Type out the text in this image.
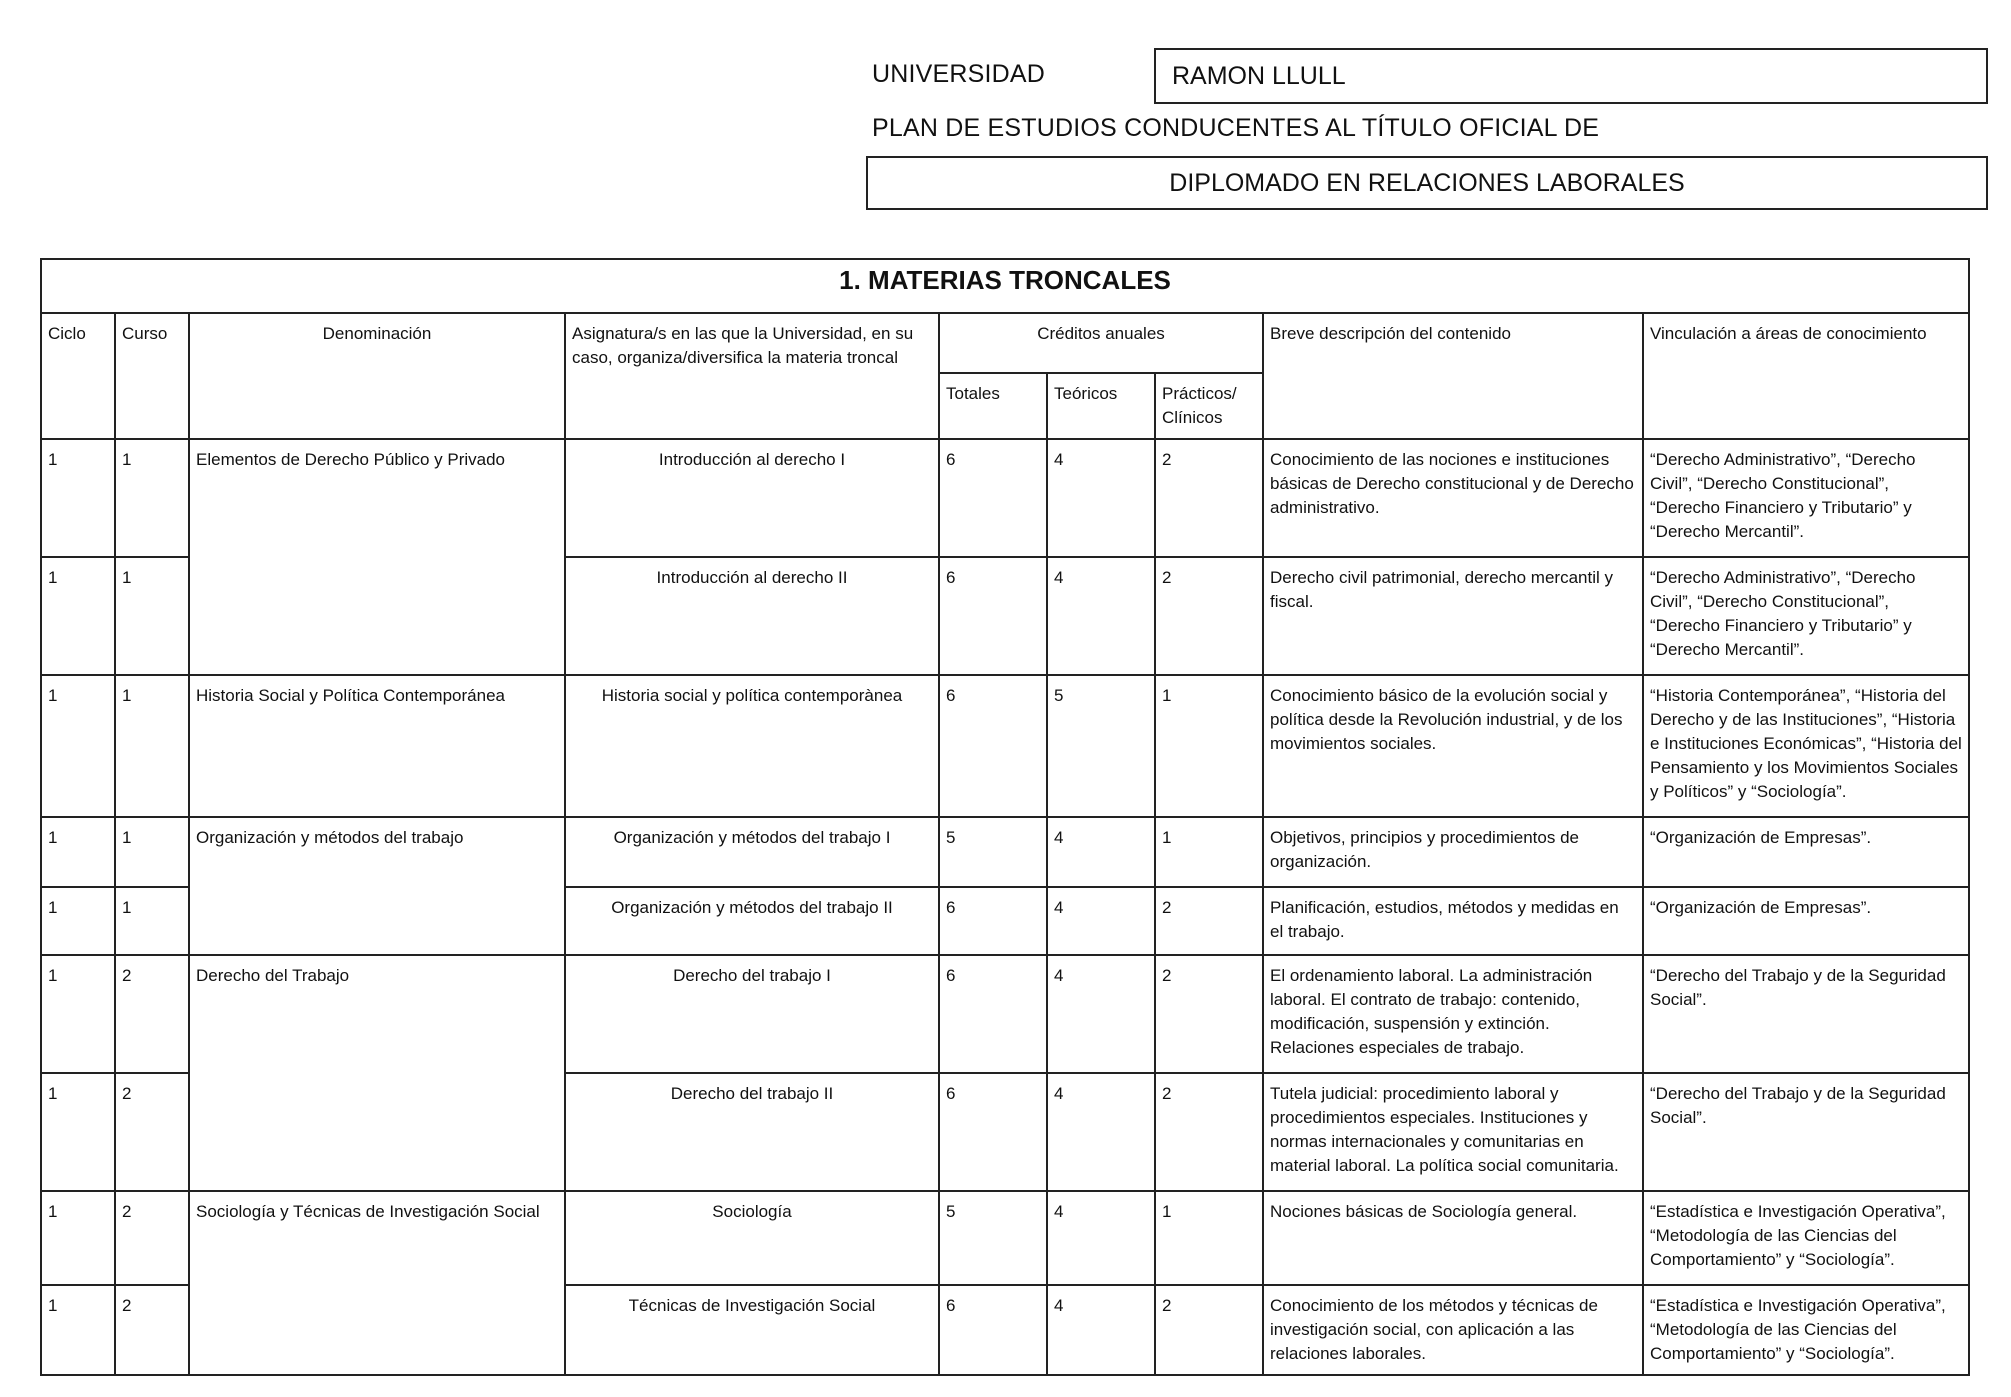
UNIVERSIDAD	RAMON LLULL
PLAN DE ESTUDIOS CONDUCENTES AL TÍTULO OFICIAL DE
DIPLOMADO EN RELACIONES LABORALES
1. MATERIAS TRONCALES								
Ciclo	Curso	Denominación	Asignatura/s en las que la Universidad, en su caso, organiza/diversifica la materia troncal	Créditos anuales			Breve descripción del contenido	Vinculación a áreas de conocimiento
				Totales	Teóricos	Prácticos/ Clínicos		
1	1	Elementos de Derecho Público y Privado	Introducción al derecho I	6	4	2	Conocimiento de las nociones e instituciones básicas de Derecho constitucional y de Derecho administrativo.	“Derecho Administrativo”, “Derecho Civil”, “Derecho Constitucional”, “Derecho Financiero y Tributario” y “Derecho Mercantil”.
1	1		Introducción al derecho II	6	4	2	Derecho civil patrimonial, derecho mercantil y fiscal.	“Derecho Administrativo”, “Derecho Civil”, “Derecho Constitucional”, “Derecho Financiero y Tributario” y “Derecho Mercantil”.
1	1	Historia Social y Política Contemporánea	Historia social y política contemporànea	6	5	1	Conocimiento básico de la evolución social y política desde la Revolución industrial, y de los movimientos sociales.	“Historia Contemporánea”, “Historia del Derecho y de las Instituciones”, “Historia e Instituciones Económicas”, “Historia del Pensamiento y los Movimientos Sociales y Políticos” y “Sociología”.
1	1	Organización y métodos del trabajo	Organización y métodos del trabajo I	5	4	1	Objetivos, principios y procedimientos de organización.	“Organización de Empresas”.
1	1		Organización y métodos del trabajo II	6	4	2	Planificación, estudios, métodos y medidas en el trabajo.	“Organización de Empresas”.
1	2	Derecho del Trabajo	Derecho del trabajo I	6	4	2	El ordenamiento laboral. La administración laboral. El contrato de trabajo: contenido, modificación, suspensión y extinción. Relaciones especiales de trabajo.	“Derecho del Trabajo y de la Seguridad Social”.
1	2		Derecho del trabajo II	6	4	2	Tutela judicial: procedimiento laboral y procedimientos especiales. Instituciones y normas internacionales y comunitarias en material laboral. La política social comunitaria.	“Derecho del Trabajo y de la Seguridad Social”.
1	2	Sociología y Técnicas de Investigación Social	Sociología	5	4	1	Nociones básicas de Sociología general.	“Estadística e Investigación Operativa”, “Metodología de las Ciencias del Comportamiento” y “Sociología”.
1	2		Técnicas de Investigación Social	6	4	2	Conocimiento de los métodos y técnicas de investigación social, con aplicación a las relaciones laborales.	“Estadística e Investigación Operativa”, “Metodología de las Ciencias del Comportamiento” y “Sociología”.
